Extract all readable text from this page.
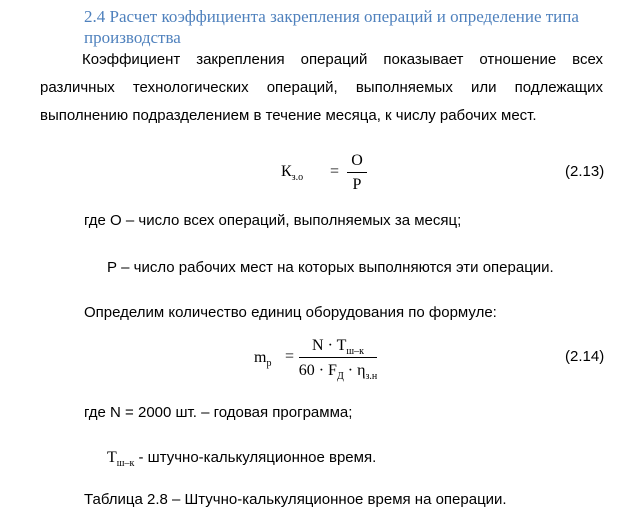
2.4 Расчет коэффициента закрепления операций и определение типа производства
Коэффициент закрепления операций показывает отношение всех различных технологических операций, выполняемых или подлежащих выполнению подразделением в течение месяца, к числу рабочих мест.
$К_{з.о}$ =
О
Р
(2.13)
где О – число всех операций, выполняемых за месяц;
Р – число рабочих мест на которых выполняются эти операции.
Определим количество единиц оборудования по формуле:
$m_p$ =
$N \cdot T_{ш-к}$
$60 \cdot F_Д \cdot \eta_{з.н}$
(2.14)
где N = 2000 шт. – годовая программа;
$Т_{ш-к}$ - штучно-калькуляционное время.
Таблица 2.8 – Штучно-калькуляционное время на операции.
